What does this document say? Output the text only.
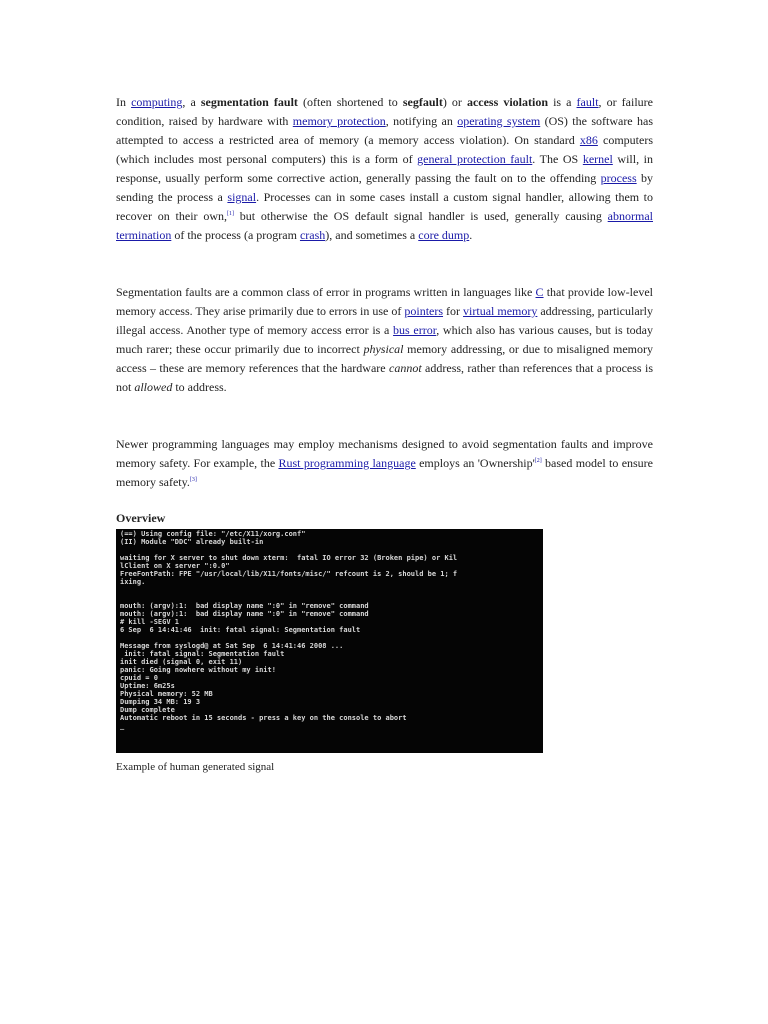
In computing, a segmentation fault (often shortened to segfault) or access violation is a fault, or failure condition, raised by hardware with memory protection, notifying an operating system (OS) the software has attempted to access a restricted area of memory (a memory access violation). On standard x86 computers (which includes most personal computers) this is a form of general protection fault. The OS kernel will, in response, usually perform some corrective action, generally passing the fault on to the offending process by sending the process a signal. Processes can in some cases install a custom signal handler, allowing them to recover on their own,[1] but otherwise the OS default signal handler is used, generally causing abnormal termination of the process (a program crash), and sometimes a core dump.

Segmentation faults are a common class of error in programs written in languages like C that provide low-level memory access. They arise primarily due to errors in use of pointers for virtual memory addressing, particularly illegal access. Another type of memory access error is a bus error, which also has various causes, but is today much rarer; these occur primarily due to incorrect physical memory addressing, or due to misaligned memory access – these are memory references that the hardware cannot address, rather than references that a process is not allowed to address.

Newer programming languages may employ mechanisms designed to avoid segmentation faults and improve memory safety. For example, the Rust programming language employs an 'Ownership'[2] based model to ensure memory safety.[3]

Overview
(==) Using config file: "/etc/X11/xorg.conf"
(II) Module "DDC" already built-in
waiting for X server to shut down xterm:  fatal IO error 32 (Broken pipe) or Kil
lClient on X server ":0.0"
FreeFontPath: FPE "/usr/local/lib/X11/fonts/misc/" refcount is 2, should be 1; f
ixing.
mouth: (argv):1:  bad display name ":0" in "remove" command
mouth: (argv):1:  bad display name ":0" in "remove" command
# kill -SEGV 1
6 Sep  6 14:41:46  init: fatal signal: Segmentation fault
Message from syslogd@ at Sat Sep  6 14:41:46 2008 ...
init: fatal signal: Segmentation fault
init died (signal 0, exit 11)
panic: Going nowhere without my init!
cpuid = 0
Uptime: 6m25s
Physical memory: 52 MB
Dumping 34 MB: 19 3
Dump complete
Automatic reboot in 15 seconds - press a key on the console to abort
_

Example of human generated signal
